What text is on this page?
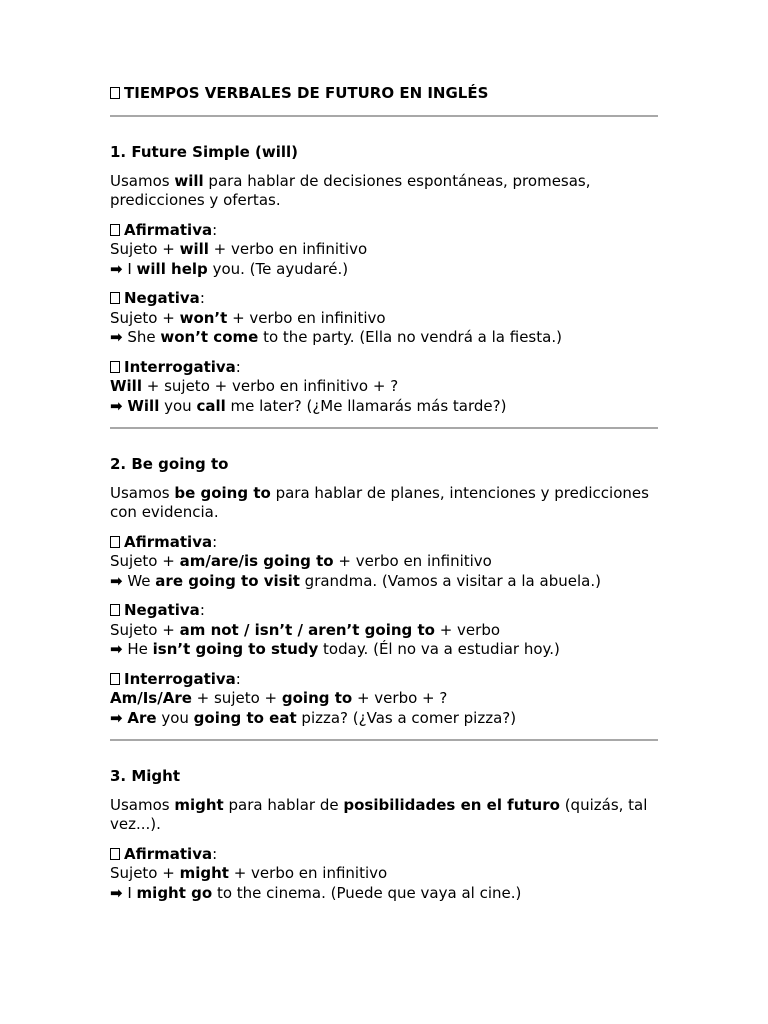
TIEMPOS VERBALES DE FUTURO EN INGLÉS

1. Future Simple (will)

Usamos will para hablar de decisiones espontáneas, promesas, predicciones y ofertas.

Afirmativa:
Sujeto + will + verbo en infinitivo
➡ I will help you. (Te ayudaré.)
Negativa:
Sujeto + won’t + verbo en infinitivo
➡ She won’t come to the party. (Ella no vendrá a la fiesta.)
Interrogativa:
Will + sujeto + verbo en infinitivo + ?
➡ Will you call me later? (¿Me llamarás más tarde?)

2. Be going to

Usamos be going to para hablar de planes, intenciones y predicciones con evidencia.

Afirmativa:
Sujeto + am/are/is going to + verbo en infinitivo
➡ We are going to visit grandma. (Vamos a visitar a la abuela.)
Negativa:
Sujeto + am not / isn’t / aren’t going to + verbo
➡ He isn’t going to study today. (Él no va a estudiar hoy.)
Interrogativa:
Am/Is/Are + sujeto + going to + verbo + ?
➡ Are you going to eat pizza? (¿Vas a comer pizza?)

3. Might

Usamos might para hablar de posibilidades en el futuro (quizás, tal vez...).

Afirmativa:
Sujeto + might + verbo en infinitivo
➡ I might go to the cinema. (Puede que vaya al cine.)
